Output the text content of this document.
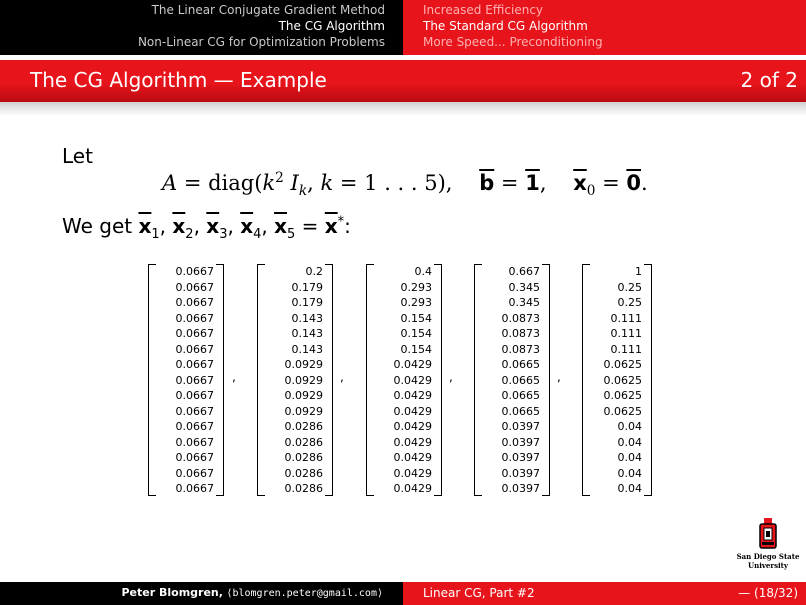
The Linear Conjugate Gradient Method
The CG Algorithm
Non-Linear CG for Optimization Problems
Increased Efficiency
The Standard CG Algorithm
More Speed... Preconditioning
The CG Algorithm — Example	2 of 2
Let
$A = diag(k^2$ $I_k$, k = 1 . . . 5),    $\overline{b} = 1$,    $\overline{x}_0 = 0$.
We get $\overline{x}_1$, $\overline{x}_2$, $\overline{x}_3$, $\overline{x}_4$, $\overline{x}_5 = \overline{x}^*$:
0.0667
0.0667
0.0667
0.0667
0.0667
0.0667
0.0667
0.0667
0.0667
0.0667
0.0667
0.0667
0.0667
0.0667
0.0667
,
0.2
0.179
0.179
0.143
0.143
0.143
0.0929
0.0929
0.0929
0.0929
0.0286
0.0286
0.0286
0.0286
0.0286
,
0.4
0.293
0.293
0.154
0.154
0.154
0.0429
0.0429
0.0429
0.0429
0.0429
0.0429
0.0429
0.0429
0.0429
,
0.667
0.345
0.345
0.0873
0.0873
0.0873
0.0665
0.0665
0.0665
0.0665
0.0397
0.0397
0.0397
0.0397
0.0397
,
1
0.25
0.25
0.111
0.111
0.111
0.0625
0.0625
0.0625
0.0625
0.04
0.04
0.04
0.04
0.04
San Diego State
University
Peter Blomgren, ⟨blomgren.peter@gmail.com⟩	Linear CG, Part #2	— (18/32)
